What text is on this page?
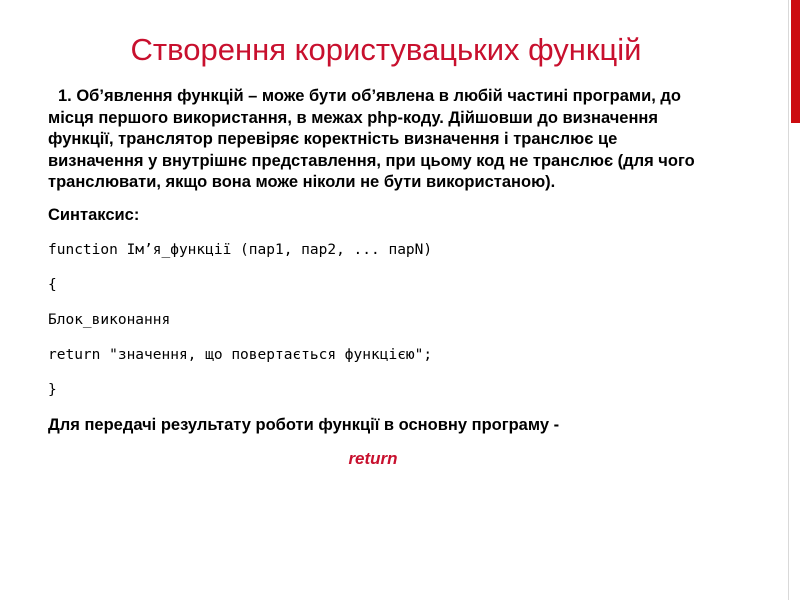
Створення користувацьких функцій

1. Об’явлення функцій – може бути об’явлена в любій частині програми, до місця першого використання, в межах php-коду. Дійшовши до визначення функції, транслятор перевіряє коректність визначення і транслює це визначення у внутрішнє представлення, при цьому код не транслює (для чого транслювати, якщо вона може ніколи не бути використаною).

Синтаксис:
function Ім’я_функції (пар1, пар2, ... парN)
{
Блок_виконання
return "значення, що повертається функцією";
}
Для передачі результату роботи функції в основну програму -
return
